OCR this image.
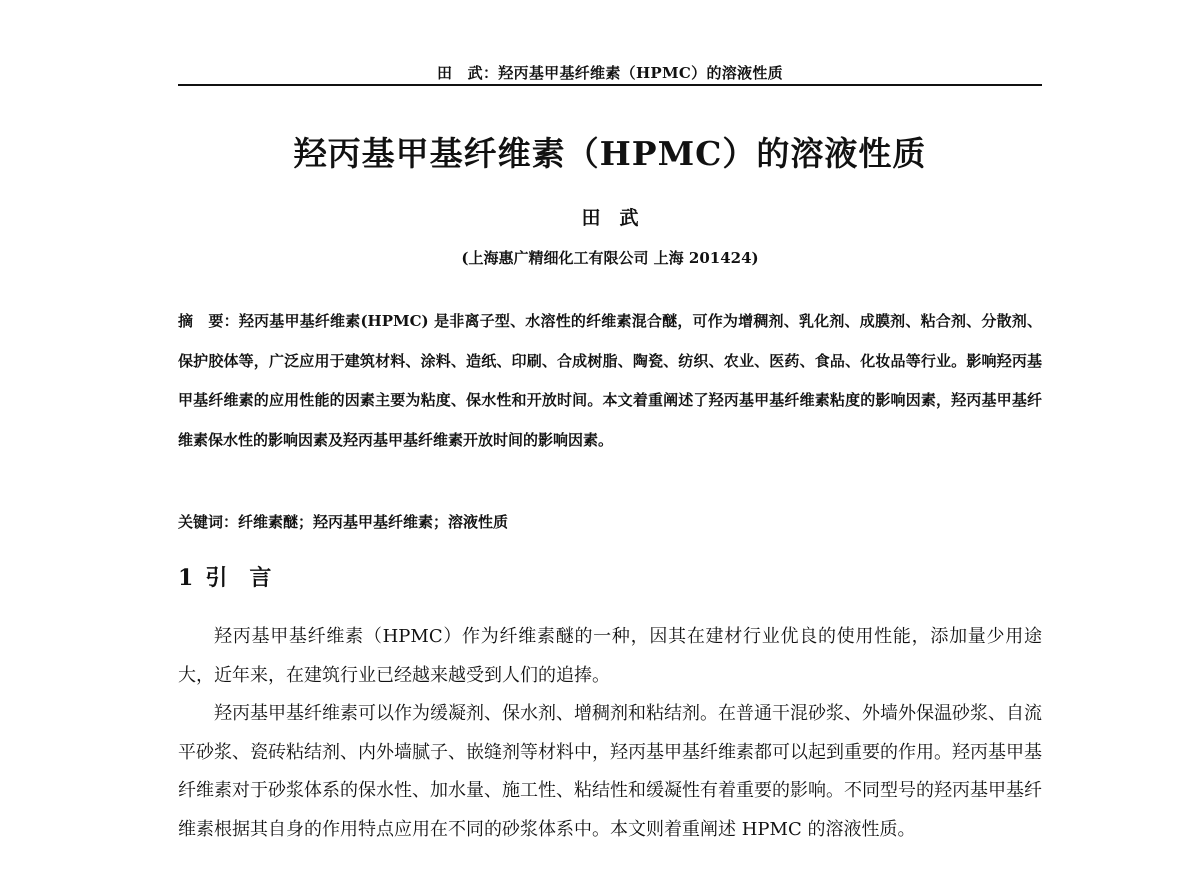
田　武：羟丙基甲基纤维素（HPMC）的溶液性质
羟丙基甲基纤维素（HPMC）的溶液性质
田　武
(上海惠广精细化工有限公司 上海 201424)
摘　要：羟丙基甲基纤维素(HPMC) 是非离子型、水溶性的纤维素混合醚，可作为增稠剂、乳化剂、成膜剂、粘合剂、分散剂、保护胶体等，广泛应用于建筑材料、涂料、造纸、印刷、合成树脂、陶瓷、纺织、农业、医药、食品、化妆品等行业。影响羟丙基甲基纤维素的应用性能的因素主要为粘度、保水性和开放时间。本文着重阐述了羟丙基甲基纤维素粘度的影响因素，羟丙基甲基纤维素保水性的影响因素及羟丙基甲基纤维素开放时间的影响因素。
关键词：纤维素醚；羟丙基甲基纤维素；溶液性质
1 引　言

羟丙基甲基纤维素（HPMC）作为纤维素醚的一种，因其在建材行业优良的使用性能，添加量少用途大，近年来，在建筑行业已经越来越受到人们的追捧。

羟丙基甲基纤维素可以作为缓凝剂、保水剂、增稠剂和粘结剂。在普通干混砂浆、外墙外保温砂浆、自流平砂浆、瓷砖粘结剂、内外墙腻子、嵌缝剂等材料中，羟丙基甲基纤维素都可以起到重要的作用。羟丙基甲基纤维素对于砂浆体系的保水性、加水量、施工性、粘结性和缓凝性有着重要的影响。不同型号的羟丙基甲基纤维素根据其自身的作用特点应用在不同的砂浆体系中。本文则着重阐述 HPMC 的溶液性质。
